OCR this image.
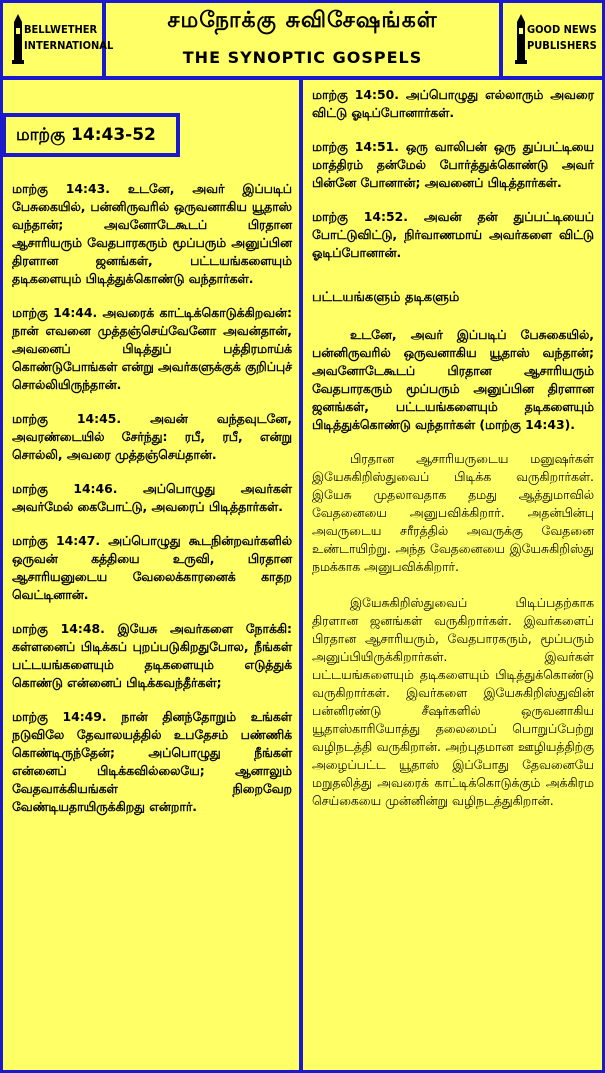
BELLWETHER
INTERNATIONAL
சமநோக்கு சுவிசேஷங்கள்
THE SYNOPTIC GOSPELS
GOOD NEWS
PUBLISHERS
மாற்கு 14:43-52

மாற்கு 14:43. உடனே, அவர் இப்படிப் பேசுகையில், பன்னிருவரில் ஒருவனாகிய யூதாஸ் வந்தான்; அவனோடேகூடப் பிரதான ஆசாரியரும் வேதபாரகரும் மூப்பரும் அனுப்பின திரளான ஜனங்கள், பட்டயங்களையும் தடிகளையும் பிடித்துக்கொண்டு வந்தார்கள்.

மாற்கு 14:44. அவரைக் காட்டிக்கொடுக்கிறவன்: நான் எவனை முத்தஞ்செய்வேனோ அவன்தான், அவனைப் பிடித்துப் பத்திரமாய்க் கொண்டுபோங்கள் என்று அவர்களுக்குக் குறிப்புச் சொல்லியிருந்தான்.

மாற்கு 14:45. அவன் வந்தவுடனே, அவரண்டையில் சேர்ந்து: ரபீ, ரபீ, என்று சொல்லி, அவரை முத்தஞ்செய்தான்.

மாற்கு 14:46. அப்பொழுது அவர்கள் அவர்மேல் கைபோட்டு, அவரைப் பிடித்தார்கள்.

மாற்கு 14:47. அப்பொழுது கூடநின்றவர்களில் ஒருவன் கத்தியை உருவி, பிரதான ஆசாரியனுடைய வேலைக்காரனைக் காதற வெட்டினான்.

மாற்கு 14:48. இயேசு அவர்களை நோக்கி: கள்ளனைப் பிடிக்கப் புறப்படுகிறதுபோல, நீங்கள் பட்டயங்களையும் தடிகளையும் எடுத்துக் கொண்டு என்னைப் பிடிக்கவந்தீர்கள்;

மாற்கு 14:49. நான் தினந்தோறும் உங்கள் நடுவிலே தேவாலயத்தில் உபதேசம் பண்ணிக் கொண்டிருந்தேன்; அப்பொழுது நீங்கள் என்னைப் பிடிக்கவில்லையே; ஆனாலும் வேதவாக்கியங்கள் நிறைவேற வேண்டியதாயிருக்கிறது என்றார்.

மாற்கு 14:50. அப்பொழுது எல்லாரும் அவரை விட்டு ஓடிப்போனார்கள்.

மாற்கு 14:51. ஒரு வாலிபன் ஒரு துப்பட்டியை மாத்திரம் தன்மேல் போர்த்துக்கொண்டு அவர் பின்னே போனான்; அவனைப் பிடித்தார்கள்.

மாற்கு 14:52. அவன் தன் துப்பட்டியைப் போட்டுவிட்டு, நிர்வாணமாய் அவர்களை விட்டு ஓடிப்போனான்.

பட்டயங்களும் தடிகளும்

உடனே, அவர் இப்படிப் பேசுகையில், பன்னிருவரில் ஒருவனாகிய யூதாஸ் வந்தான்; அவனோடேகூடப் பிரதான ஆசாரியரும் வேதபாரகரும் மூப்பரும் அனுப்பின திரளான ஜனங்கள், பட்டயங்களையும் தடிகளையும் பிடித்துக்கொண்டு வந்தார்கள் (மாற்கு 14:43).

பிரதான ஆசாரியருடைய மனுஷர்கள் இயேசுகிறிஸ்துவைப் பிடிக்க வருகிறார்கள். இயேசு முதலாவதாக தமது ஆத்துமாவில் வேதனையை அனுபவிக்கிறார். அதன்பின்பு அவருடைய சரீரத்தில் அவருக்கு வேதனை உண்டாயிற்று. அந்த வேதனையை இயேசுகிறிஸ்து நமக்காக அனுபவிக்கிறார்.

இயேசுகிறிஸ்துவைப் பிடிப்பதற்காக திரளான ஜனங்கள் வருகிறார்கள். இவர்களைப் பிரதான ஆசாரியரும், வேதபாரகரும், மூப்பரும் அனுப்பியிருக்கிறார்கள். இவர்கள் பட்டயங்களையும் தடிகளையும் பிடித்துக்கொண்டு வருகிறார்கள். இவர்களை இயேசுகிறிஸ்துவின் பன்னிரண்டு சீஷர்களில் ஒருவனாகிய யூதாஸ்காரியோத்து தலைமைப் பொறுப்பேற்று வழிநடத்தி வருகிறான். அற்புதமான ஊழியத்திற்கு அழைப்பட்ட யூதாஸ் இப்போது தேவனையே மறுதலித்து அவரைக் காட்டிக்கொடுக்கும் அக்கிரம செய்கையை முன்னின்று வழிநடத்துகிறான்.
